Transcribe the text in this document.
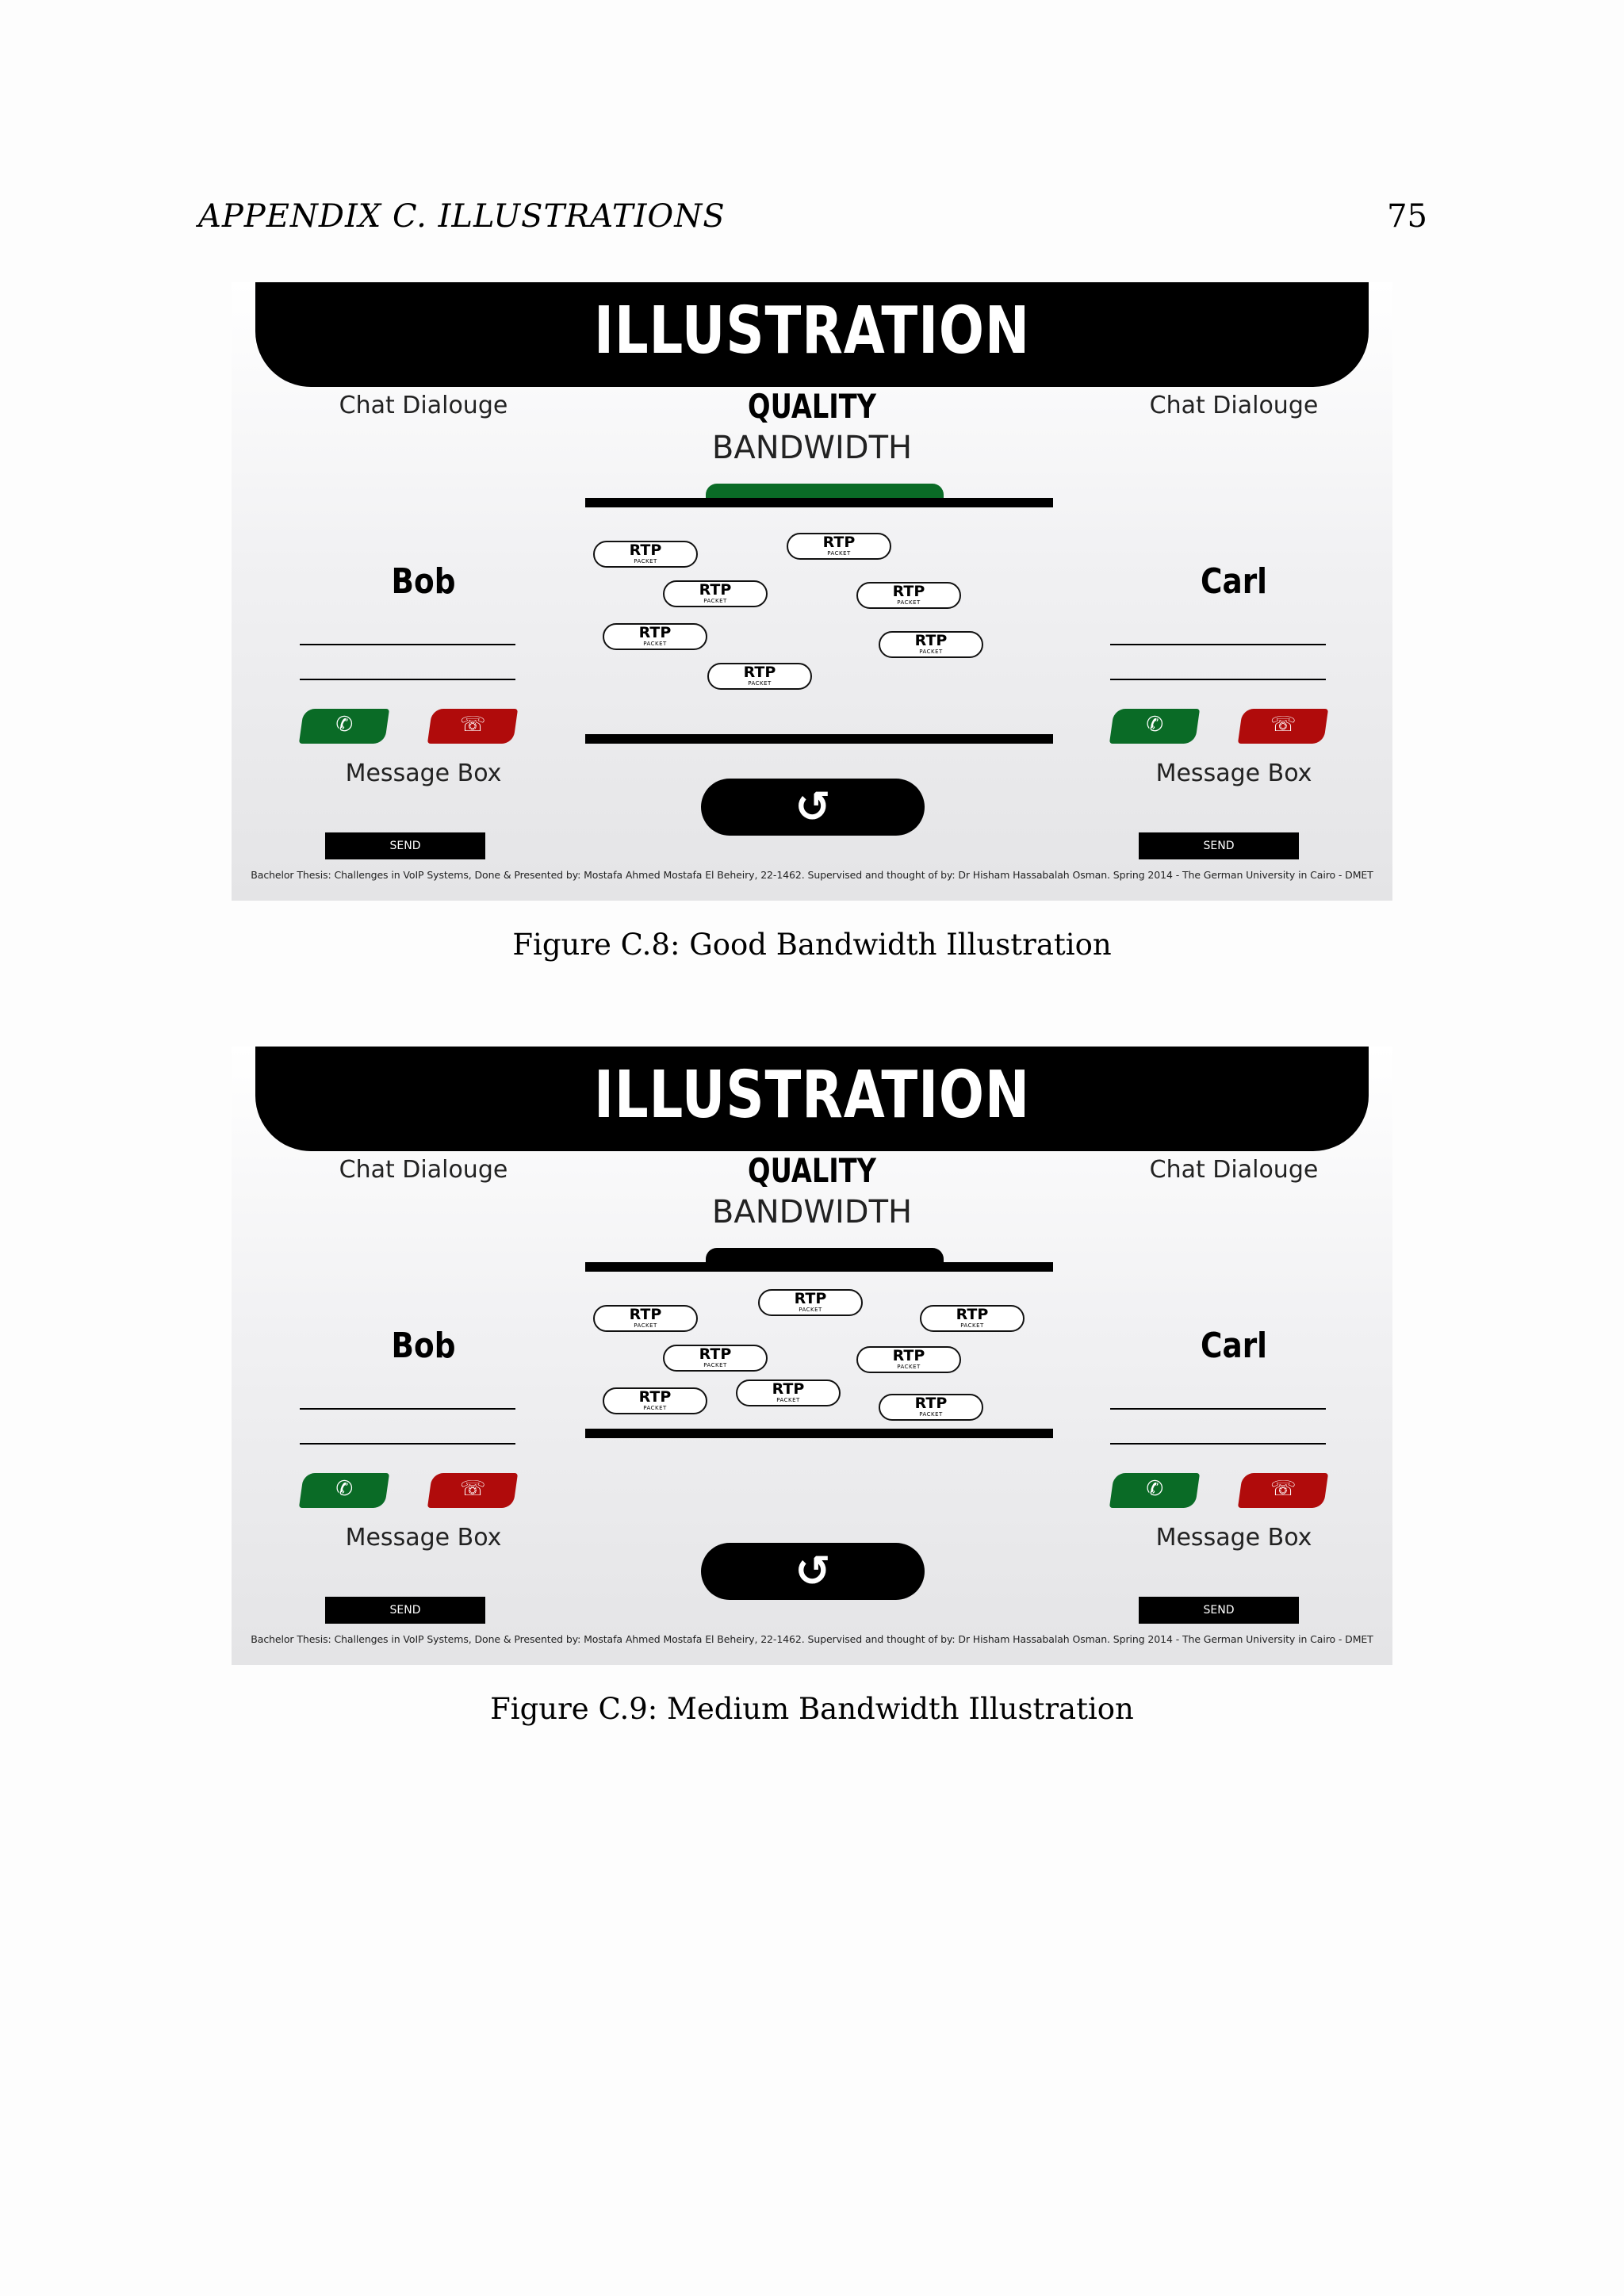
APPENDIX C. ILLUSTRATIONS	75
ILLUSTRATION
Chat Dialouge	Chat Dialouge
QUALITY
BANDWIDTH
RTP
PACKET
RTP
PACKET
RTP
PACKET
RTP
PACKET
RTP
PACKET	RTP
PACKET
RTP
PACKET
Bob	Carl
✆	☏	✆	☏
Message Box	Message Box
↺
SEND	SEND
Bachelor Thesis: Challenges in VoIP Systems, Done & Presented by: Mostafa Ahmed Mostafa El Beheiry, 22-1462. Supervised and thought of by: Dr Hisham Hassabalah Osman. Spring 2014 - The German University in Cairo - DMET
Figure C.8: Good Bandwidth Illustration
ILLUSTRATION
Chat Dialouge	Chat Dialouge
QUALITY
BANDWIDTH
RTP
PACKET
RTP
PACKET	RTP
PACKET
RTP
PACKET
RTP
PACKET
RTP
PACKET
RTP
PACKET	RTP
PACKET
Bob	Carl
✆	☏	✆	☏
Message Box	Message Box
↺
SEND	SEND
Bachelor Thesis: Challenges in VoIP Systems, Done & Presented by: Mostafa Ahmed Mostafa El Beheiry, 22-1462. Supervised and thought of by: Dr Hisham Hassabalah Osman. Spring 2014 - The German University in Cairo - DMET
Figure C.9: Medium Bandwidth Illustration
